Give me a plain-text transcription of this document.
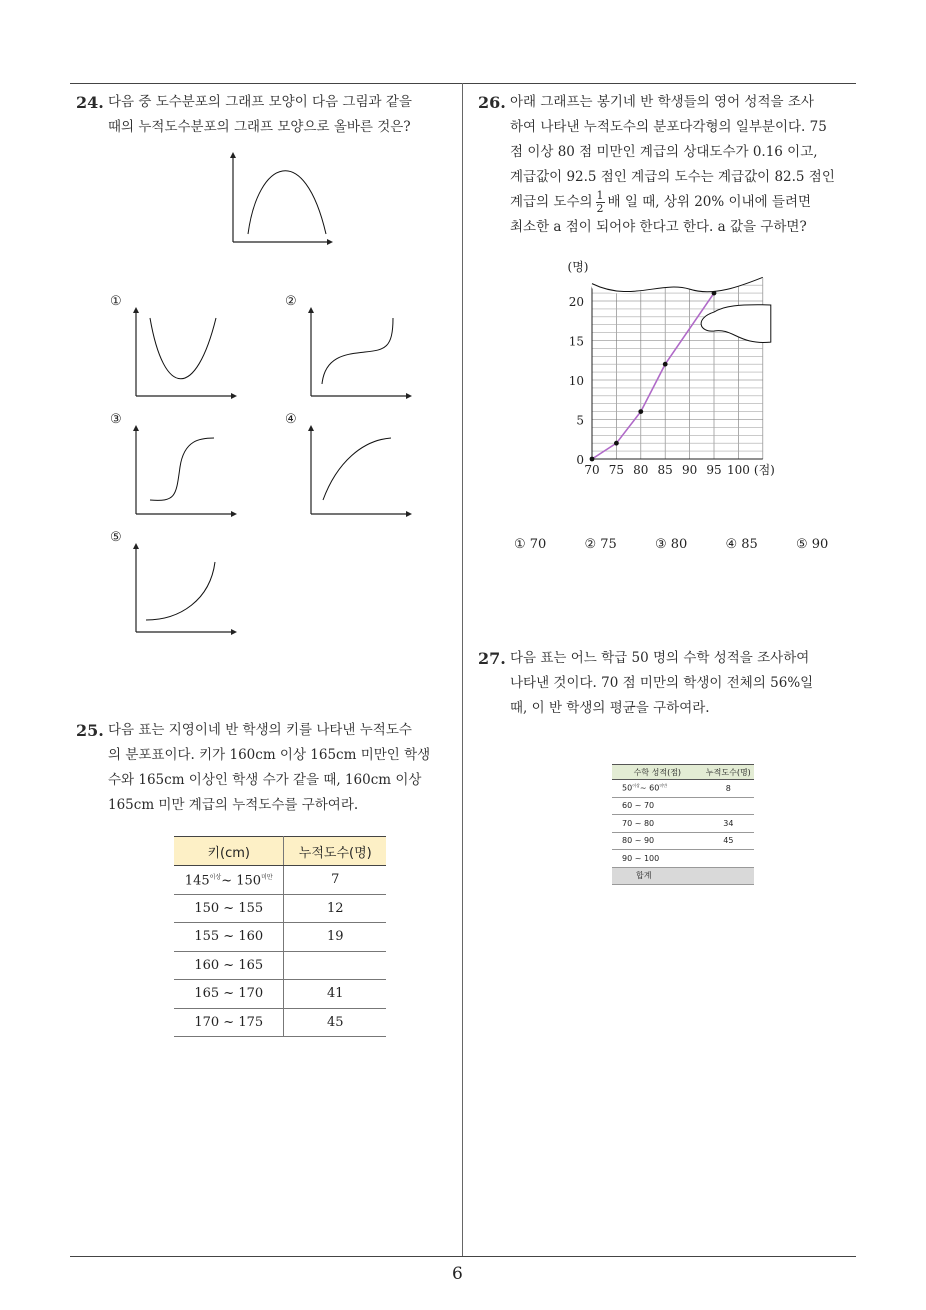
6
24. 다음 중 도수분포의 그래프 모양이 다음 그림과 같을
때의 누적도수분포의 그래프 모양으로 올바른 것은?
①	②
③	④
⑤
25. 다음 표는 지영이네 반 학생의 키를 나타낸 누적도수
의 분포표이다. 키가 160cm 이상 165cm 미만인 학생
수와 165cm 이상인 학생 수가 같을 때, 160cm 이상
165cm 미만 계급의 누적도수를 구하여라.
키(cm)	누적도수(명)
$145^{이상}\sim$ $150^{미만}$	7
150 ~ 155	12
155 ~ 160	19
160 ~ 165	
165 ~ 170	41
170 ~ 175	45
26. 아래 그래프는 봉기네 반 학생들의 영어 성적을 조사
하여 나타낸 누적도수의 분포다각형의 일부분이다. 75
점 이상 80 점 미만인 계급의 상대도수가 0.16 이고,
계급값이 92.5 점인 계급의 도수는 계급값이 82.5 점인
계급의 도수의 $\frac{1}{2}$ 배 일 때, 상위 20% 이내에 들려면
최소한 a 점이 되어야 한다고 한다. a 값을 구하면?
70 75 80 85 90 95 100 (점)
0
5
10
15
20
(명)
① 70	② 75	③ 80	④ 85	⑤ 90
27. 다음 표는 어느 학급 50 명의 수학 성적을 조사하여
나타낸 것이다. 70 점 미만의 학생이 전체의 56%일
때, 이 반 학생의 평균을 구하여라.
수학 성적(점)	누적도수(명)
$50^{이상}\sim$ $60^{미만}$	8
60 ~ 70	
70 ~ 80	34
80 ~ 90	45
90 ~ 100	
합계	
